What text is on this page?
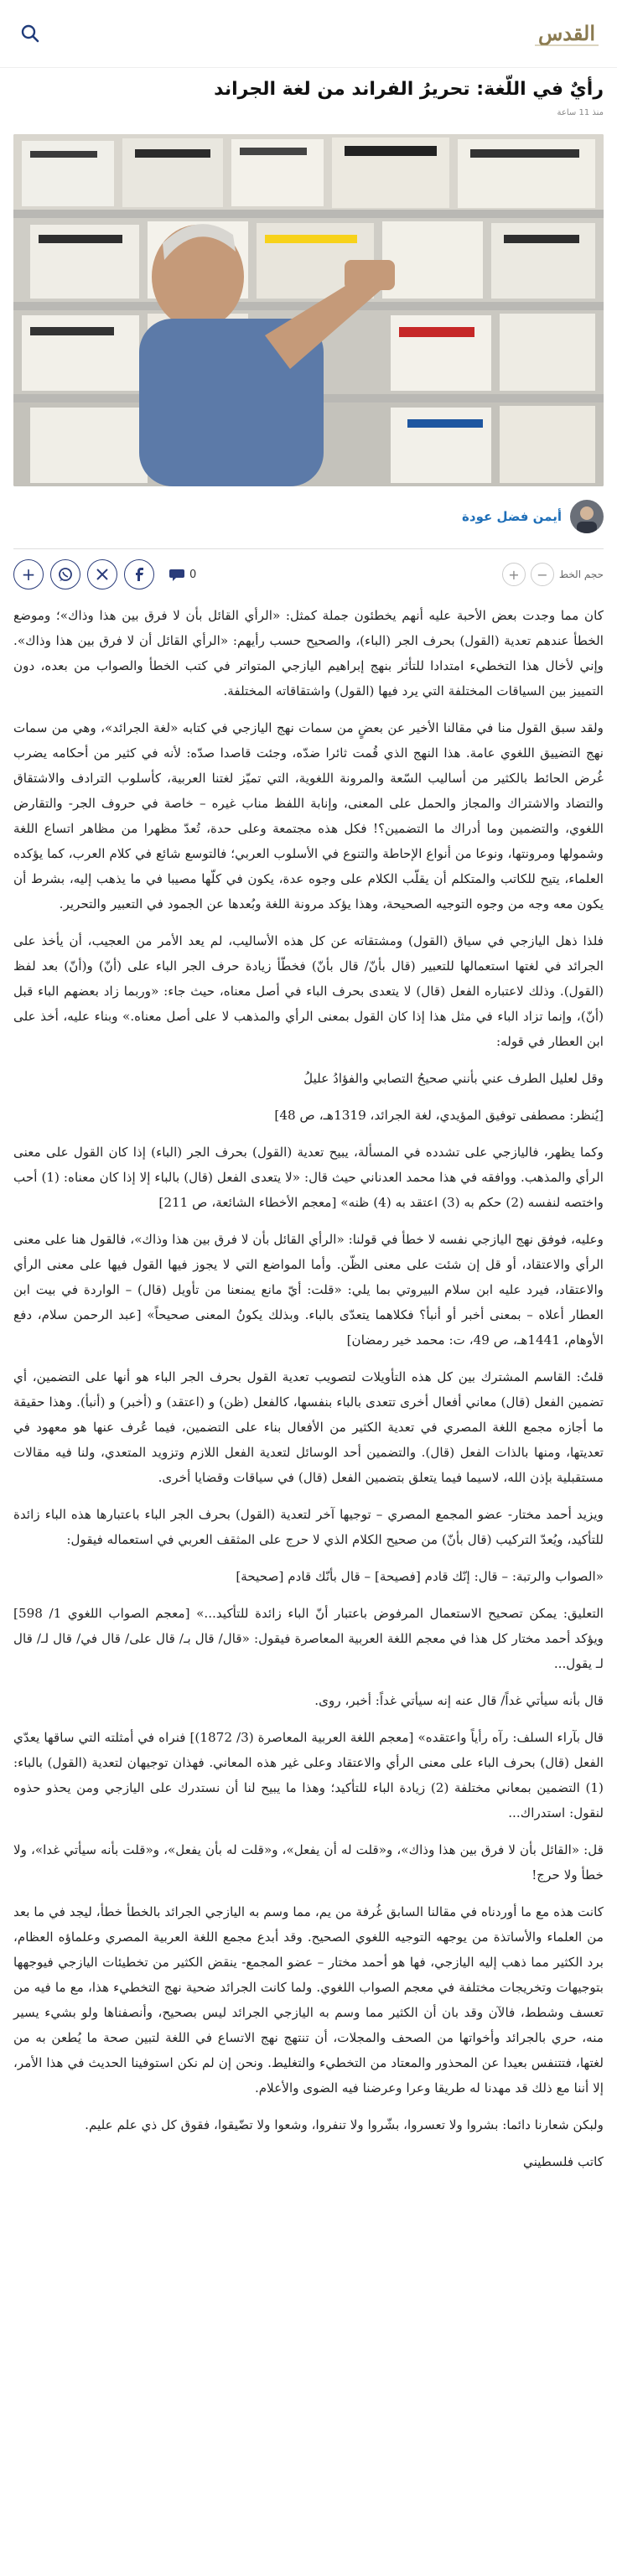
القدس
رأيٌ في اللّغة: تحريرُ الفراند من لغة الجراند
منذ 11 ساعة
أيمن فضل عودة
حجم الخط
−
+
0
+

كان مما وجدت بعض الأحبة عليه أنهم يخطئون جملة كمثل: «الرأي القائل بأن لا فرق بين هذا وذاك»؛ وموضع الخطأ عندهم تعدية (القول) بحرف الجر (الباء)، والصحيح حسب رأيهم: «الرأي القائل أن لا فرق بين هذا وذاك». وإني لأخال هذا التخطيء امتدادا للتأثر بنهج إبراهيم اليازجي المتواتر في كتب الخطأ والصواب من بعده، دون التمييز بين السياقات المختلفة التي يرد فيها (القول) واشتقاقاته المختلفة.

ولقد سبق القول منا في مقالنا الأخير عن بعضٍ من سمات نهج اليازجي في كتابه «لغة الجرائد»، وهي من سمات نهج التضييق اللغوي عامة. هذا النهج الذي قُمت ثائرا ضدّه، وجئت قاصدا صدّه: لأنه في كثير من أحكامه يضرب غُرض الحائط بالكثير من أساليب السّعة والمرونة اللغوية، التي تميّز لغتنا العربية، كأسلوب الترادف والاشتقاق والتضاد والاشتراك والمجاز والحمل على المعنى، وإنابة اللفظ مناب غيره – خاصة في حروف الجر- والتقارض اللغوي، والتضمين وما أدراك ما التضمين؟! فكل هذه مجتمعة وعلى حدة، تُعدّ مظهرا من مظاهر اتساع اللغة وشمولها ومرونتها، ونوعا من أنواع الإحاطة والتنوع في الأسلوب العربي؛ فالتوسع شائع في كلام العرب، كما يؤكده العلماء، يتيح للكاتب والمتكلم أن يقلّب الكلام على وجوه عدة، يكون في كلّها مصيبا في ما يذهب إليه، بشرط أن يكون معه وجه من وجوه التوجيه الصحيحة، وهذا يؤكد مرونة اللغة وبُعدها عن الجمود في التعبير والتحرير.

فلذا ذهل اليازجي في سياق (القول) ومشتقاته عن كل هذه الأساليب، لم يعد الأمر من العجيب، أن يأخذ على الجرائد في لغتها استعمالها للتعبير (قال بأنّ/ قال بأنّ) فخطّأ زيادة حرف الجر الباء على (أنّ) و(أنّ) بعد لفظ (القول). وذلك لاعتباره الفعل (قال) لا يتعدى بحرف الباء في أصل معناه، حيث جاء: «وربما زاد بعضهم الباء قبل (أنّ)، وإنما تزاد الباء في مثل هذا إذا كان القول بمعنى الرأي والمذهب لا على أصل معناه.» وبناء عليه، أخذ على ابن العطار في قوله:

وقل لعليل الطرف عني بأنني صحيحُ التصابي والفؤادُ عليلُ

[يُنظر: مصطفى توفيق المؤيدي، لغة الجرائد، 1319هـ، ص 48]

وكما يظهر، فاليازجي على تشدده في المسألة، يبيح تعدية (القول) بحرف الجر (الباء) إذا كان القول على معنى الرأي والمذهب. ووافقه في هذا محمد العدناني حيث قال: «لا يتعدى الفعل (قال) بالباء إلا إذا كان معناه: (1) أحب واختصه لنفسه (2) حكم به (3) اعتقد به (4) ظنه» [معجم الأخطاء الشائعة، ص 211]

وعليه، فوفق نهج اليازجي نفسه لا خطأ في قولنا: «الرأي القائل بأن لا فرق بين هذا وذاك»، فالقول هنا على معنى الرأي والاعتقاد، أو قل إن شئت على معنى الظّن. وأما المواضع التي لا يجوز فيها القول فيها على معنى الرأي والاعتقاد، فيرد عليه ابن سلام البيروتي بما يلي: «قلت: أيّ مانع يمنعنا من تأويل (قال) – الواردة في بيت ابن العطار أعلاه – بمعنى أخبر أو أنبأ؟ فكلاهما يتعدّى بالباء. وبذلك يكونُ المعنى صحيحاً» [عبد الرحمن سلام، دفع الأوهام، 1441هـ، ص 49، ت: محمد خير رمضان]

قلتُ: القاسم المشترك بين كل هذه التأويلات لتصويب تعدية القول بحرف الجر الباء هو أنها على التضمين، أي تضمين الفعل (قال) معاني أفعال أخرى تتعدى بالباء بنفسها، كالفعل (ظن) و (اعتقد) و (أخبر) و (أنبأ). وهذا حقيقة ما أجازه مجمع اللغة المصري في تعدية الكثير من الأفعال بناء على التضمين، فيما عُرف عنها هو معهود في تعديتها، ومنها بالذات الفعل (قال). والتضمين أحد الوسائل لتعدية الفعل اللازم وتزويد المتعدي، ولنا فيه مقالات مستقبلية بإذن الله، لاسيما فيما يتعلق بتضمين الفعل (قال) في سياقات وقضايا أخرى.

ويزيد أحمد مختار- عضو المجمع المصري – توجيها آخر لتعدية (القول) بحرف الجر الباء باعتبارها هذه الباء زائدة للتأكيد، ويُعدّ التركيب (قال بأنّ) من صحيح الكلام الذي لا حرج على المثقف العربي في استعماله فيقول:

«الصواب والرتبة: – قال: إنّك قادم [فصيحة] – قال بأنّك قادم [صحيحة]

التعليق: يمكن تصحيح الاستعمال المرفوض باعتبار أنّ الباء زائدة للتأكيد...» [معجم الصواب اللغوي 1/ 598] ويؤكد أحمد مختار كل هذا في معجم اللغة العربية المعاصرة فيقول: «قال/ قال بـ/ قال على/ قال في/ قال لـ/ قال لـ يقول...

قال بأنه سيأتي غداً/ قال عنه إنه سيأتي غداً: أخبر، روى.

قال بآراء السلف: رآه رأياً واعتقده» [معجم اللغة العربية المعاصرة (3/ 1872)] فنراه في أمثلته التي ساقها يعدّي الفعل (قال) بحرف الباء على معنى الرأي والاعتقاد وعلى غير هذه المعاني. فهذان توجيهان لتعدية (القول) بالباء: (1) التضمين بمعاني مختلفة (2) زيادة الباء للتأكيد؛ وهذا ما يبيح لنا أن نستدرك على اليازجي ومن يحذو حذوه لنقول: استدراك...

قل: «القائل بأن لا فرق بين هذا وذاك»، و«قلت له أن يفعل»، و«قلت له بأن يفعل»، و«قلت بأنه سيأتي غدا»، ولا خطأ ولا حرج!

كانت هذه مع ما أوردناه في مقالنا السابق غُرفة من يم، مما وسم به اليازجي الجرائد بالخطأ خطأ، ليجد في ما بعد من العلماء والأساتذة من يوجهه التوجيه اللغوي الصحيح. وقد أبدع مجمع اللغة العربية المصري وعلماؤه العظام، برد الكثير مما ذهب إليه اليازجي، فها هو أحمد مختار – عضو المجمع- ينقض الكثير من تخطيئات اليازجي فيوجهها بتوجيهات وتخريجات مختلفة في معجم الصواب اللغوي. ولما كانت الجرائد ضحية نهج التخطيء هذا، مع ما فيه من تعسف وشطط، فالآن وقد بان أن الكثير مما وسم به اليازجي الجرائد ليس بصحيح، وأنصفناها ولو بشيء يسير منه، حري بالجرائد وأخواتها من الصحف والمجلات، أن تنتهج نهج الاتساع في اللغة لتبين صحة ما يُطعن به من لغتها، فتتنفس بعيدا عن المحذور والمعتاد من التخطيء والتغليط. ونحن إن لم نكن استوفينا الحديث في هذا الأمر، إلا أننا مع ذلك قد مهدنا له طريقا وعرا وعرضنا فيه الضوى والأعلام.

ولبكن شعارنا دائما: بشروا ولا تعسروا، بشّروا ولا تنفروا، وشعوا ولا تضّيقوا، فقوق كل ذي علم عليم.

كاتب فلسطيني
